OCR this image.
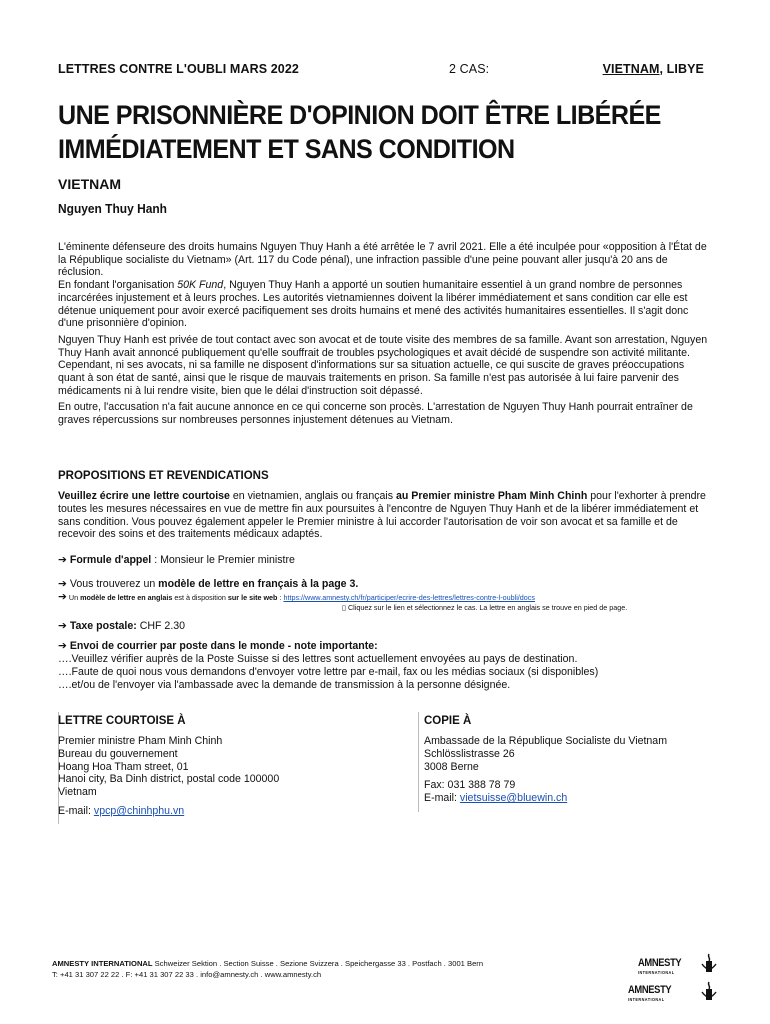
LETTRES CONTRE L'OUBLI MARS 2022	2 CAS:	VIETNAM, LIBYE
UNE PRISONNIÈRE D'OPINION DOIT ÊTRE LIBÉRÉE
IMMÉDIATEMENT ET SANS CONDITION
VIETNAM
Nguyen Thuy Hanh

L'éminente défenseure des droits humains Nguyen Thuy Hanh a été arrêtée le 7 avril 2021. Elle a été inculpée pour «opposition à l'État de la République socialiste du Vietnam» (Art. 117 du Code pénal), une infraction passible d'une peine pouvant aller jusqu'à 20 ans de réclusion.

En fondant l'organisation 50K Fund, Nguyen Thuy Hanh a apporté un soutien humanitaire essentiel à un grand nombre de personnes incarcérées injustement et à leurs proches. Les autorités vietnamiennes doivent la libérer immédiatement et sans condition car elle est détenue uniquement pour avoir exercé pacifiquement ses droits humains et mené des activités humanitaires essentielles. Il s'agit donc d'une prisonnière d'opinion.

Nguyen Thuy Hanh est privée de tout contact avec son avocat et de toute visite des membres de sa famille. Avant son arrestation, Nguyen Thuy Hanh avait annoncé publiquement qu'elle souffrait de troubles psychologiques et avait décidé de suspendre son activité militante. Cependant, ni ses avocats, ni sa famille ne disposent d'informations sur sa situation actuelle, ce qui suscite de graves préoccupations quant à son état de santé, ainsi que le risque de mauvais traitements en prison. Sa famille n'est pas autorisée à lui faire parvenir des médicaments ni à lui rendre visite, bien que le délai d'instruction soit dépassé.

En outre, l'accusation n'a fait aucune annonce en ce qui concerne son procès. L'arrestation de Nguyen Thuy Hanh pourrait entraîner de graves répercussions sur nombreuses personnes injustement détenues au Vietnam.

PROPOSITIONS ET REVENDICATIONS
Veuillez écrire une lettre courtoise en vietnamien, anglais ou français au Premier ministre Pham Minh Chinh pour l'exhorter à prendre toutes les mesures nécessaires en vue de mettre fin aux poursuites à l'encontre de Nguyen Thuy Hanh et de la libérer immédiatement et sans condition. Vous pouvez également appeler le Premier ministre à lui accorder l'autorisation de voir son avocat et sa famille et de recevoir des soins et des traitements médicaux adaptés.
➔ Formule d'appel : Monsieur le Premier ministre
➔ Vous trouverez un modèle de lettre en français à la page 3.
➔ Un modèle de lettre en anglais est à disposition sur le site web : https://www.amnesty.ch/fr/participer/ecrire-des-lettres/lettres-contre-l-oubli/docs
▯ Cliquez sur le lien et sélectionnez le cas. La lettre en anglais se trouve en pied de page.
➔ Taxe postale: CHF 2.30
➔ Envoi de courrier par poste dans le monde - note importante:
….Veuillez vérifier auprès de la Poste Suisse si des lettres sont actuellement envoyées au pays de destination.
….Faute de quoi nous vous demandons d'envoyer votre lettre par e-mail, fax ou les médias sociaux (si disponibles)
….et/ou de l'envoyer via l'ambassade avec la demande de transmission à la personne désignée.
LETTRE COURTOISE À
Premier ministre Pham Minh Chinh
Bureau du gouvernement
Hoang Hoa Tham street, 01
Hanoi city, Ba Dinh district, postal code 100000
Vietnam
E-mail: vpcp@chinhphu.vn
COPIE À
Ambassade de la République Socialiste du Vietnam
Schlösslistrasse 26
3008 Berne
Fax: 031 388 78 79
E-mail: vietsuisse@bluewin.ch
AMNESTY INTERNATIONAL Schweizer Sektion . Section Suisse . Sezione Svizzera . Speichergasse 33 . Postfach . 3001 Bern
T: +41 31 307 22 22 . F: +41 31 307 22 33 . info@amnesty.ch . www.amnesty.ch
AMNESTY
INTERNATIONAL
AMNESTY
INTERNATIONAL
